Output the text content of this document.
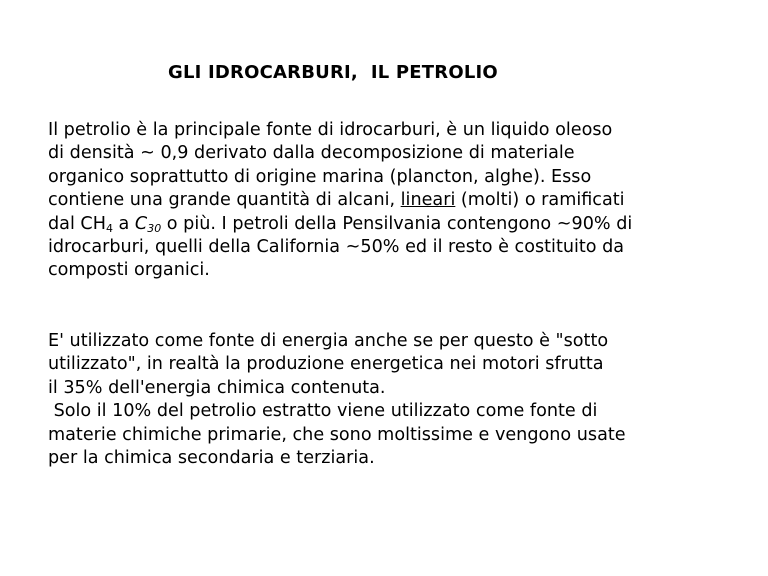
GLI IDROCARBURI,  IL PETROLIO

Il petrolio è la principale fonte di idrocarburi, è un liquido oleoso
di densità ~ 0,9 derivato dalla decomposizione di materiale
organico soprattutto di origine marina (plancton, alghe). Esso
contiene una grande quantità di alcani, lineari (molti) o ramificati
dal $CH_4$ a $C_{30}$ o più. I petroli della Pensilvania contengono ~90% di
idrocarburi, quelli della California ~50% ed il resto è costituito da
composti organici.

E' utilizzato come fonte di energia anche se per questo è "sotto
utilizzato", in realtà la produzione energetica nei motori sfrutta
il 35% dell'energia chimica contenuta.
Solo il 10% del petrolio estratto viene utilizzato come fonte di
materie chimiche primarie, che sono moltissime e vengono usate
per la chimica secondaria e terziaria.
